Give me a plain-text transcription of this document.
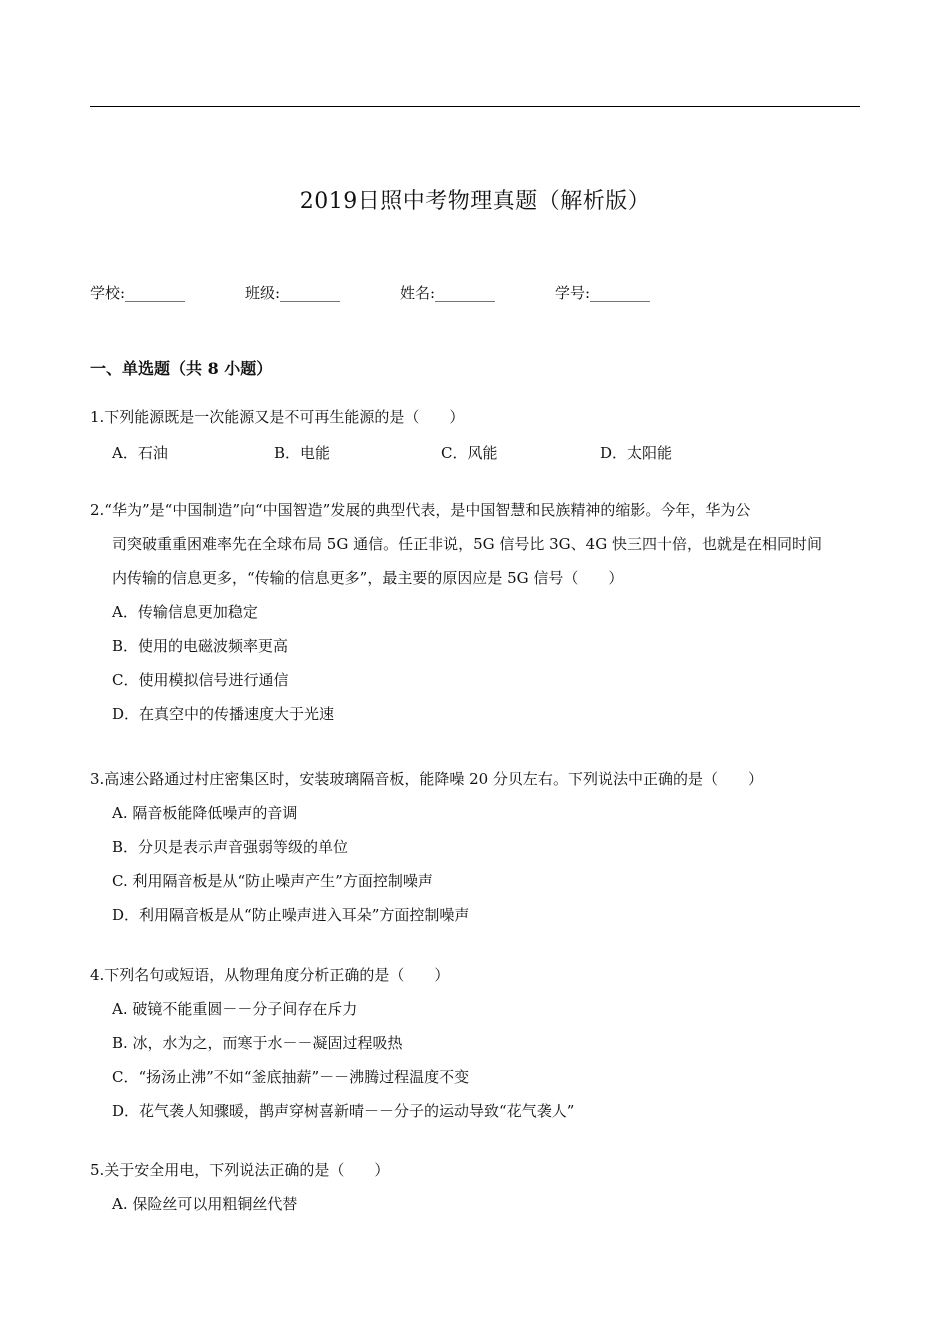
2019日照中考物理真题（解析版）
学校:________	班级:________	姓名:________	学号:________
一、单选题（共 8 小题）
1.下列能源既是一次能源又是不可再生能源的是（　　）
A．石油	B．电能	C．风能	D．太阳能
2.“华为”是“中国制造”向“中国智造”发展的典型代表，是中国智慧和民族精神的缩影。今年，华为公
司突破重重困难率先在全球布局 5G 通信。任正非说，5G 信号比 3G、4G 快三四十倍，也就是在相同时间
内传输的信息更多，“传输的信息更多”，最主要的原因应是 5G 信号（　　）
A．传输信息更加稳定
B．使用的电磁波频率更高
C．使用模拟信号进行通信
D．在真空中的传播速度大于光速
3.高速公路通过村庄密集区时，安装玻璃隔音板，能降噪 20 分贝左右。下列说法中正确的是（　　）
A. 隔音板能降低噪声的音调
B．分贝是表示声音强弱等级的单位
C. 利用隔音板是从“防止噪声产生”方面控制噪声
D．利用隔音板是从“防止噪声进入耳朵”方面控制噪声
4.下列名句或短语，从物理角度分析正确的是（　　）
A. 破镜不能重圆－－分子间存在斥力
B. 冰，水为之，而寒于水－－凝固过程吸热
C．“扬汤止沸”不如“釜底抽薪”－－沸腾过程温度不变
D．花气袭人知骤暖，鹊声穿树喜新晴－－分子的运动导致“花气袭人”
5.关于安全用电，下列说法正确的是（　　）
A. 保险丝可以用粗铜丝代替
